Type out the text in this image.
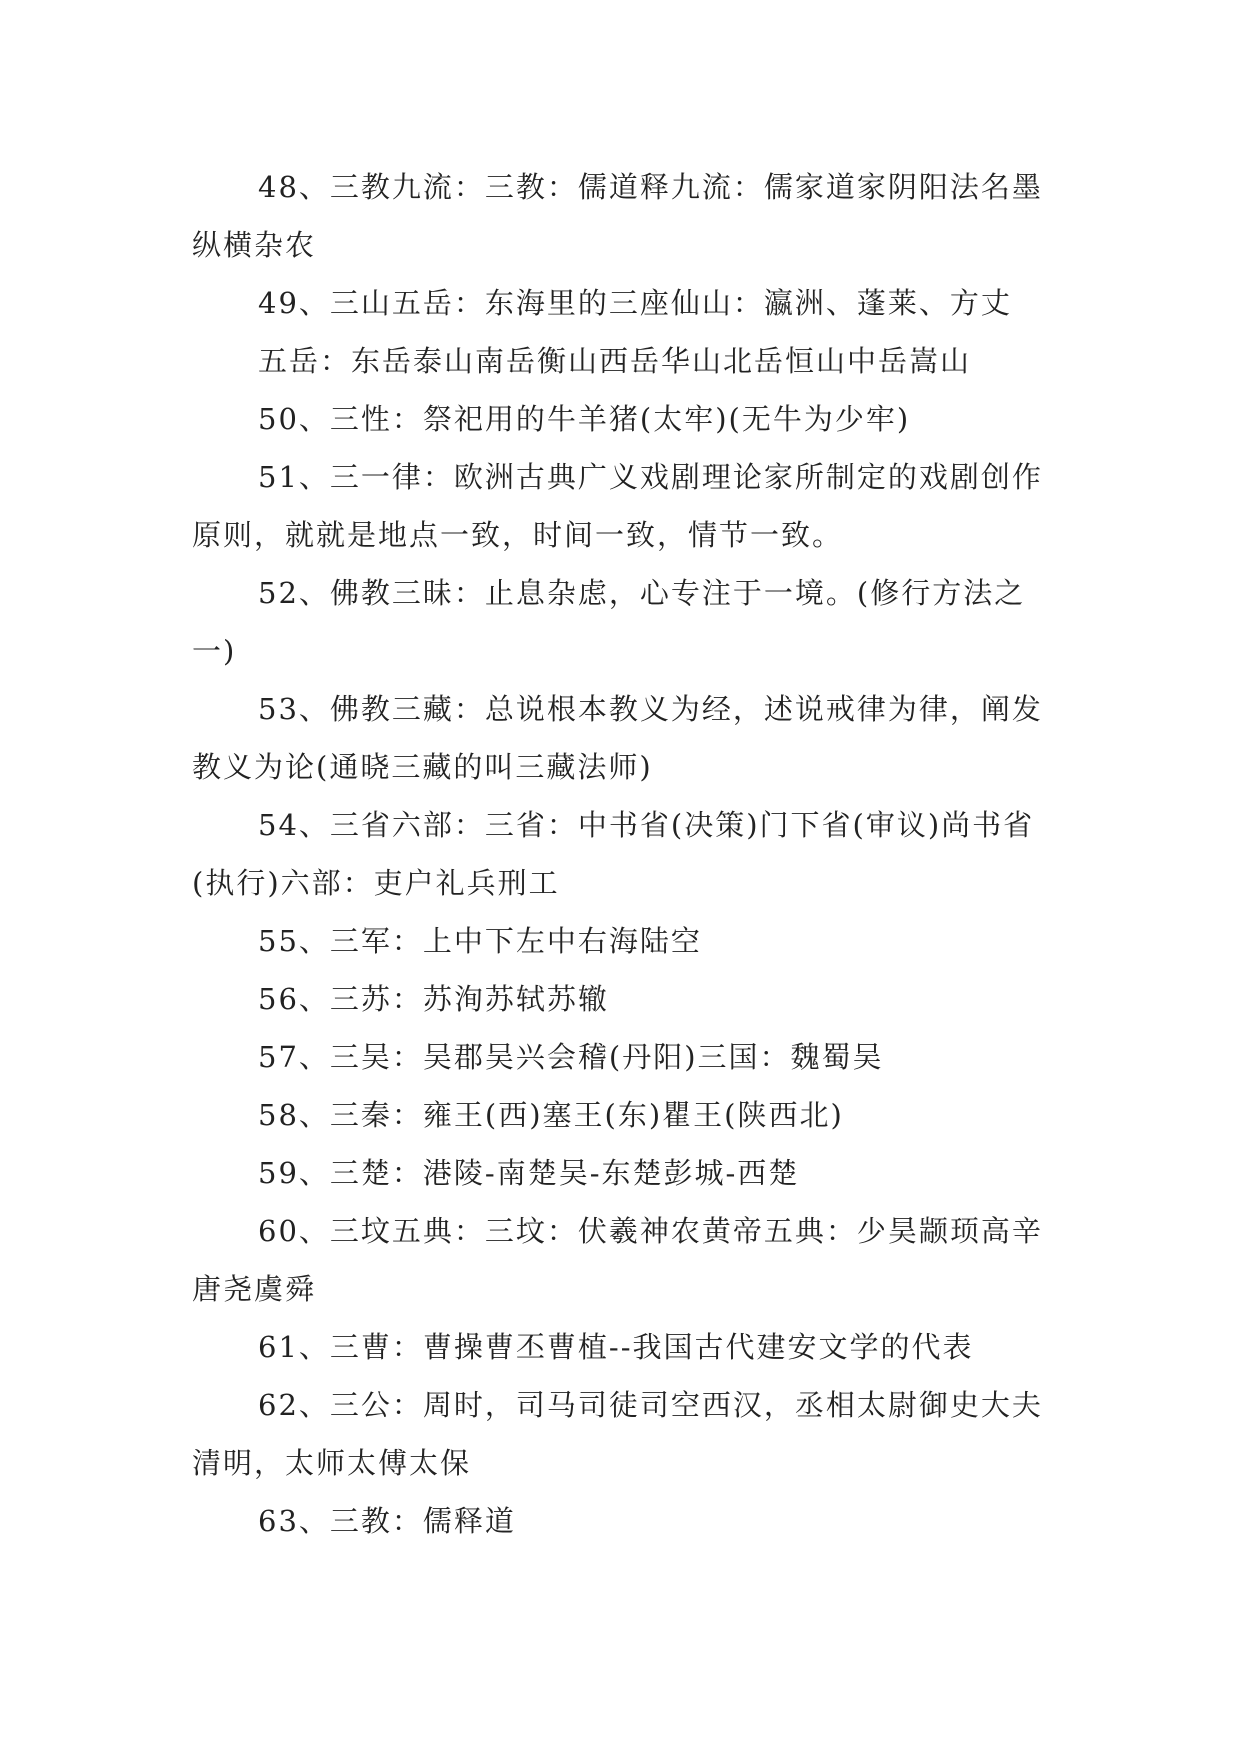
48、三教九流：三教：儒道释九流：儒家道家阴阳法名墨纵横杂农

49、三山五岳：东海里的三座仙山：瀛洲、蓬莱、方丈

五岳：东岳泰山南岳衡山西岳华山北岳恒山中岳嵩山

50、三性：祭祀用的牛羊猪(太牢)(无牛为少牢)

51、三一律：欧洲古典广义戏剧理论家所制定的戏剧创作原则，就就是地点一致，时间一致，情节一致。

52、佛教三昧：止息杂虑，心专注于一境。(修行方法之一)

53、佛教三藏：总说根本教义为经，述说戒律为律，阐发教义为论(通晓三藏的叫三藏法师)

54、三省六部：三省：中书省(决策)门下省(审议)尚书省(执行)六部：吏户礼兵刑工

55、三军：上中下左中右海陆空

56、三苏：苏洵苏轼苏辙

57、三吴：吴郡吴兴会稽(丹阳)三国：魏蜀吴

58、三秦：雍王(西)塞王(东)瞿王(陕西北)

59、三楚：港陵-南楚吴-东楚彭城-西楚

60、三坟五典：三坟：伏羲神农黄帝五典：少昊颛顼高辛唐尧虞舜

61、三曹：曹操曹丕曹植--我国古代建安文学的代表

62、三公：周时，司马司徒司空西汉，丞相太尉御史大夫清明，太师太傅太保

63、三教：儒释道
